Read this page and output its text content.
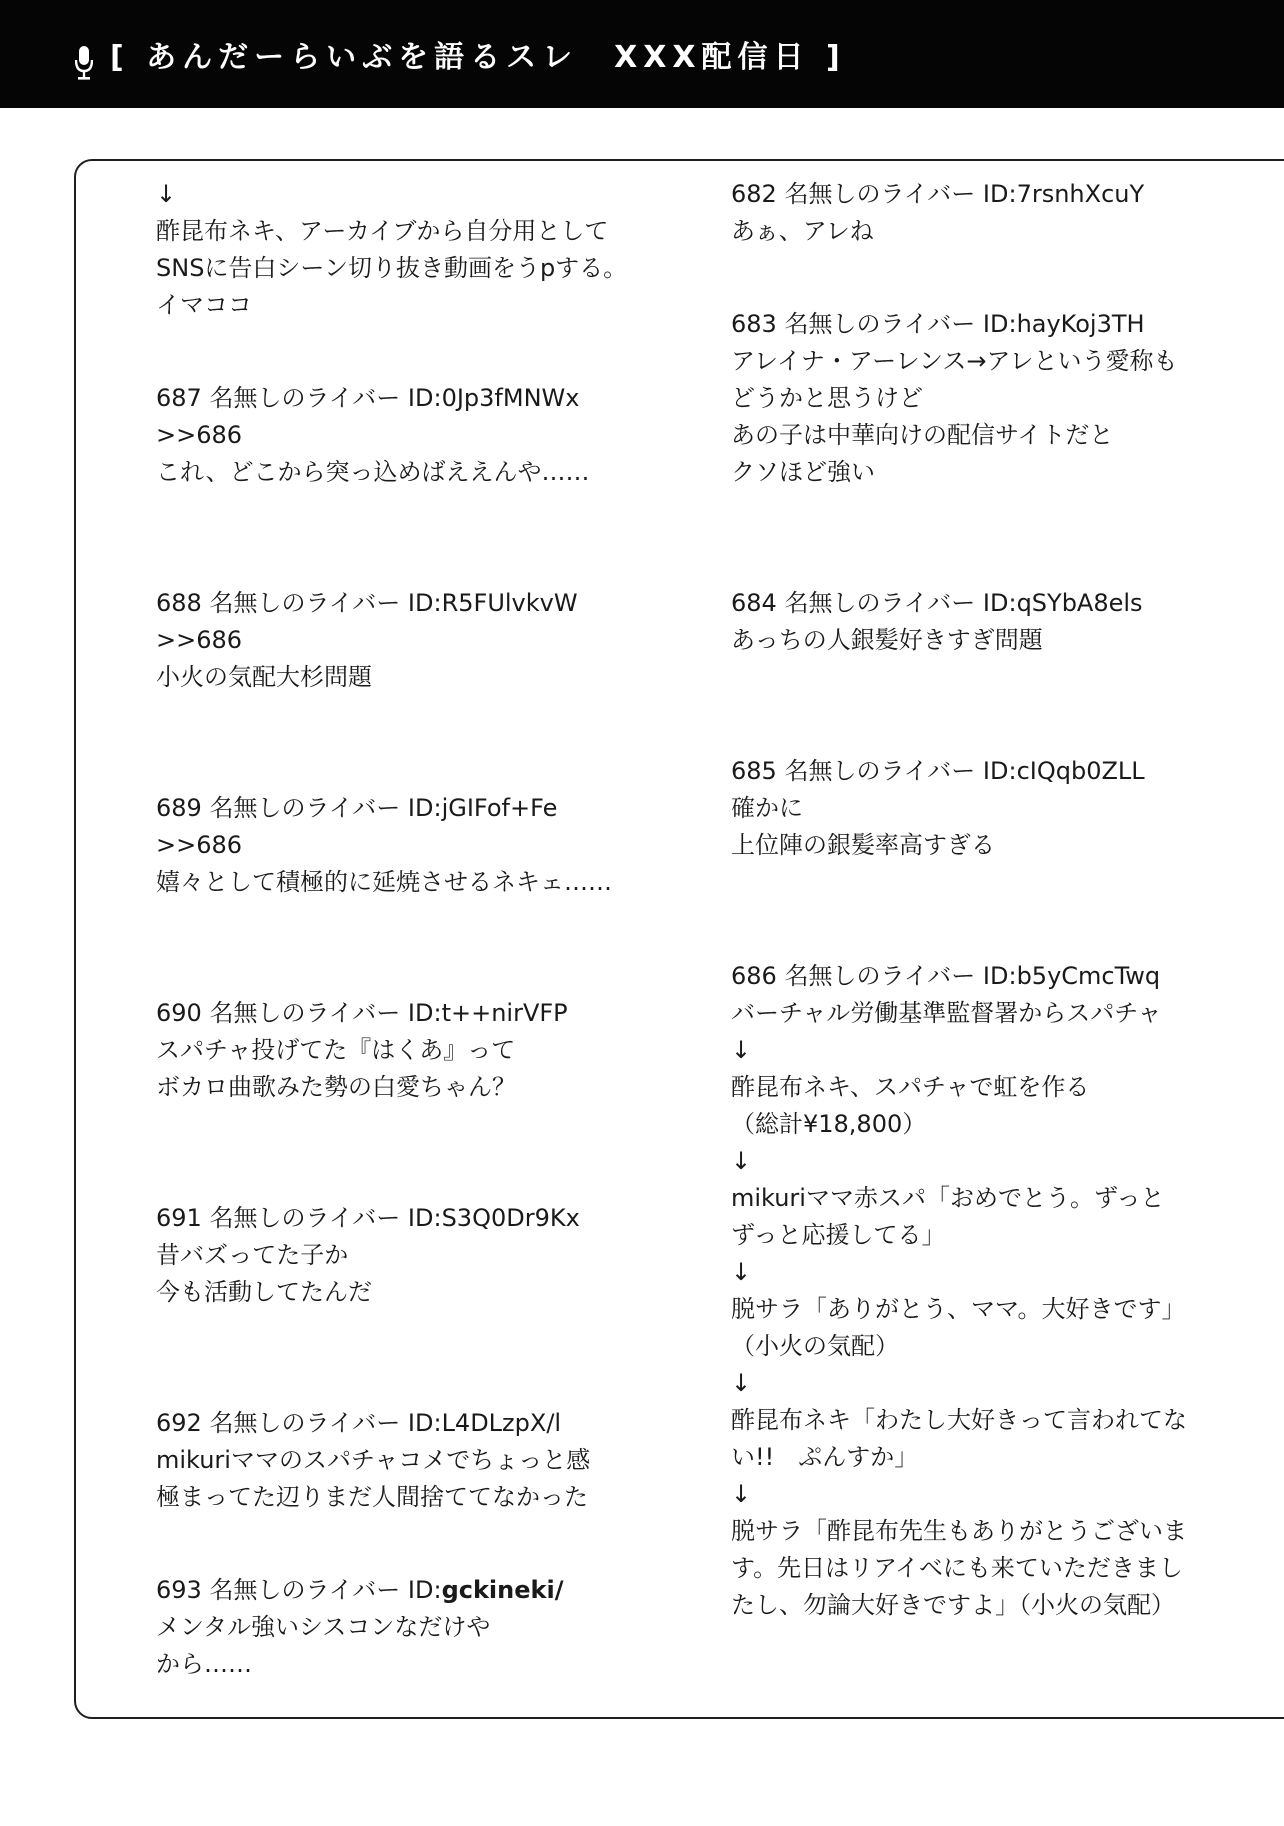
[ あんだーらいぶを語るスレ　XXX配信日 ]
↓
酢昆布ネキ、アーカイブから自分用として
SNSに告白シーン切り抜き動画をうpする。
イマココ
687 名無しのライバー ID:0Jp3fMNWx
>>686
これ、どこから突っ込めばええんや……
688 名無しのライバー ID:R5FUlvkvW
>>686
小火の気配大杉問題
689 名無しのライバー ID:jGIFof+Fe
>>686
嬉々として積極的に延焼させるネキェ……
690 名無しのライバー ID:t++nirVFP
スパチャ投げてた『はくあ』って
ボカロ曲歌みた勢の白愛ちゃん？
691 名無しのライバー ID:S3Q0Dr9Kx
昔バズってた子か
今も活動してたんだ
692 名無しのライバー ID:L4DLzpX/l
mikuriママのスパチャコメでちょっと感
極まってた辺りまだ人間捨ててなかった
693 名無しのライバー ID:gckineki/
メンタル強いシスコンなだけや
から……
682 名無しのライバー ID:7rsnhXcuY
あぁ、アレね
683 名無しのライバー ID:hayKoj3TH
アレイナ・アーレンス→アレという愛称も
どうかと思うけど
あの子は中華向けの配信サイトだと
クソほど強い
684 名無しのライバー ID:qSYbA8els
あっちの人銀髪好きすぎ問題
685 名無しのライバー ID:cIQqb0ZLL
確かに
上位陣の銀髪率高すぎる
686 名無しのライバー ID:b5yCmcTwq
バーチャル労働基準監督署からスパチャ
↓
酢昆布ネキ、スパチャで虹を作る
（総計¥18,800）
↓
mikuriママ赤スパ「おめでとう。ずっと
ずっと応援してる」
↓
脱サラ「ありがとう、ママ。大好きです」
（小火の気配）
↓
酢昆布ネキ「わたし大好きって言われてな
い!!　ぷんすか」
↓
脱サラ「酢昆布先生もありがとうございま
す。先日はリアイベにも来ていただきまし
たし、勿論大好きですよ」（小火の気配）
